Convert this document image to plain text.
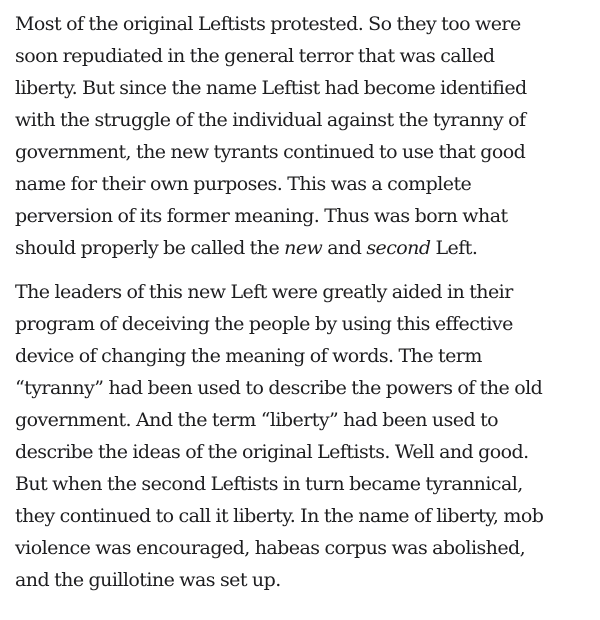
Most of the original Leftists protested. So they too were
soon repudiated in the general terror that was called
liberty. But since the name Leftist had become identified
with the struggle of the individual against the tyranny of
government, the new tyrants continued to use that good
name for their own purposes. This was a complete
perversion of its former meaning. Thus was born what
should properly be called the new and second Left.

The leaders of this new Left were greatly aided in their
program of deceiving the people by using this effective
device of changing the meaning of words. The term
“tyranny” had been used to describe the powers of the old
government. And the term “liberty” had been used to
describe the ideas of the original Leftists. Well and good.
But when the second Leftists in turn became tyrannical,
they continued to call it liberty. In the name of liberty, mob
violence was encouraged, habeas corpus was abolished,
and the guillotine was set up.
